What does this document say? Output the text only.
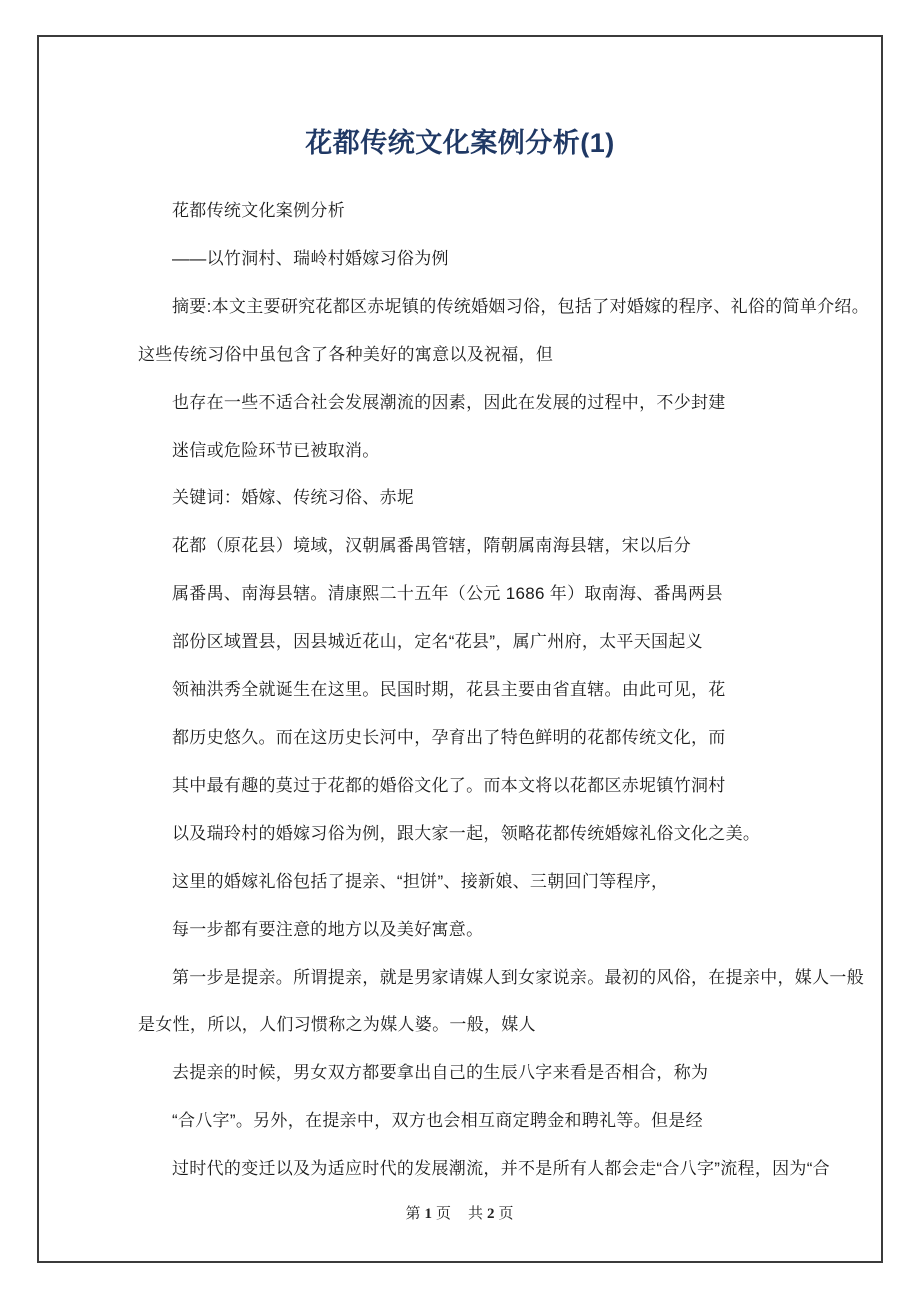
花都传统文化案例分析(1)

花都传统文化案例分析

——以竹洞村、瑞岭村婚嫁习俗为例

摘要:本文主要研究花都区赤坭镇的传统婚姻习俗，包括了对婚嫁的程序、礼俗的简单介绍。

这些传统习俗中虽包含了各种美好的寓意以及祝福，但

也存在一些不适合社会发展潮流的因素，因此在发展的过程中，不少封建

迷信或危险环节已被取消。

关键词：婚嫁、传统习俗、赤坭

花都（原花县）境域，汉朝属番禺管辖，隋朝属南海县辖，宋以后分

属番禺、南海县辖。清康熙二十五年（公元 1686 年）取南海、番禺两县

部份区域置县，因县城近花山，定名“花县”，属广州府，太平天国起义

领袖洪秀全就诞生在这里。民国时期，花县主要由省直辖。由此可见，花

都历史悠久。而在这历史长河中，孕育出了特色鲜明的花都传统文化，而

其中最有趣的莫过于花都的婚俗文化了。而本文将以花都区赤坭镇竹洞村

以及瑞玲村的婚嫁习俗为例，跟大家一起，领略花都传统婚嫁礼俗文化之美。

这里的婚嫁礼俗包括了提亲、“担饼”、接新娘、三朝回门等程序，

每一步都有要注意的地方以及美好寓意。

第一步是提亲。所谓提亲，就是男家请媒人到女家说亲。最初的风俗，在提亲中，媒人一般

是女性，所以，人们习惯称之为媒人婆。一般，媒人

去提亲的时候，男女双方都要拿出自己的生辰八字来看是否相合，称为

“合八字”。另外，在提亲中，双方也会相互商定聘金和聘礼等。但是经

过时代的变迁以及为适应时代的发展潮流，并不是所有人都会走“合八字”流程，因为“合

第 1 页 共 2 页
